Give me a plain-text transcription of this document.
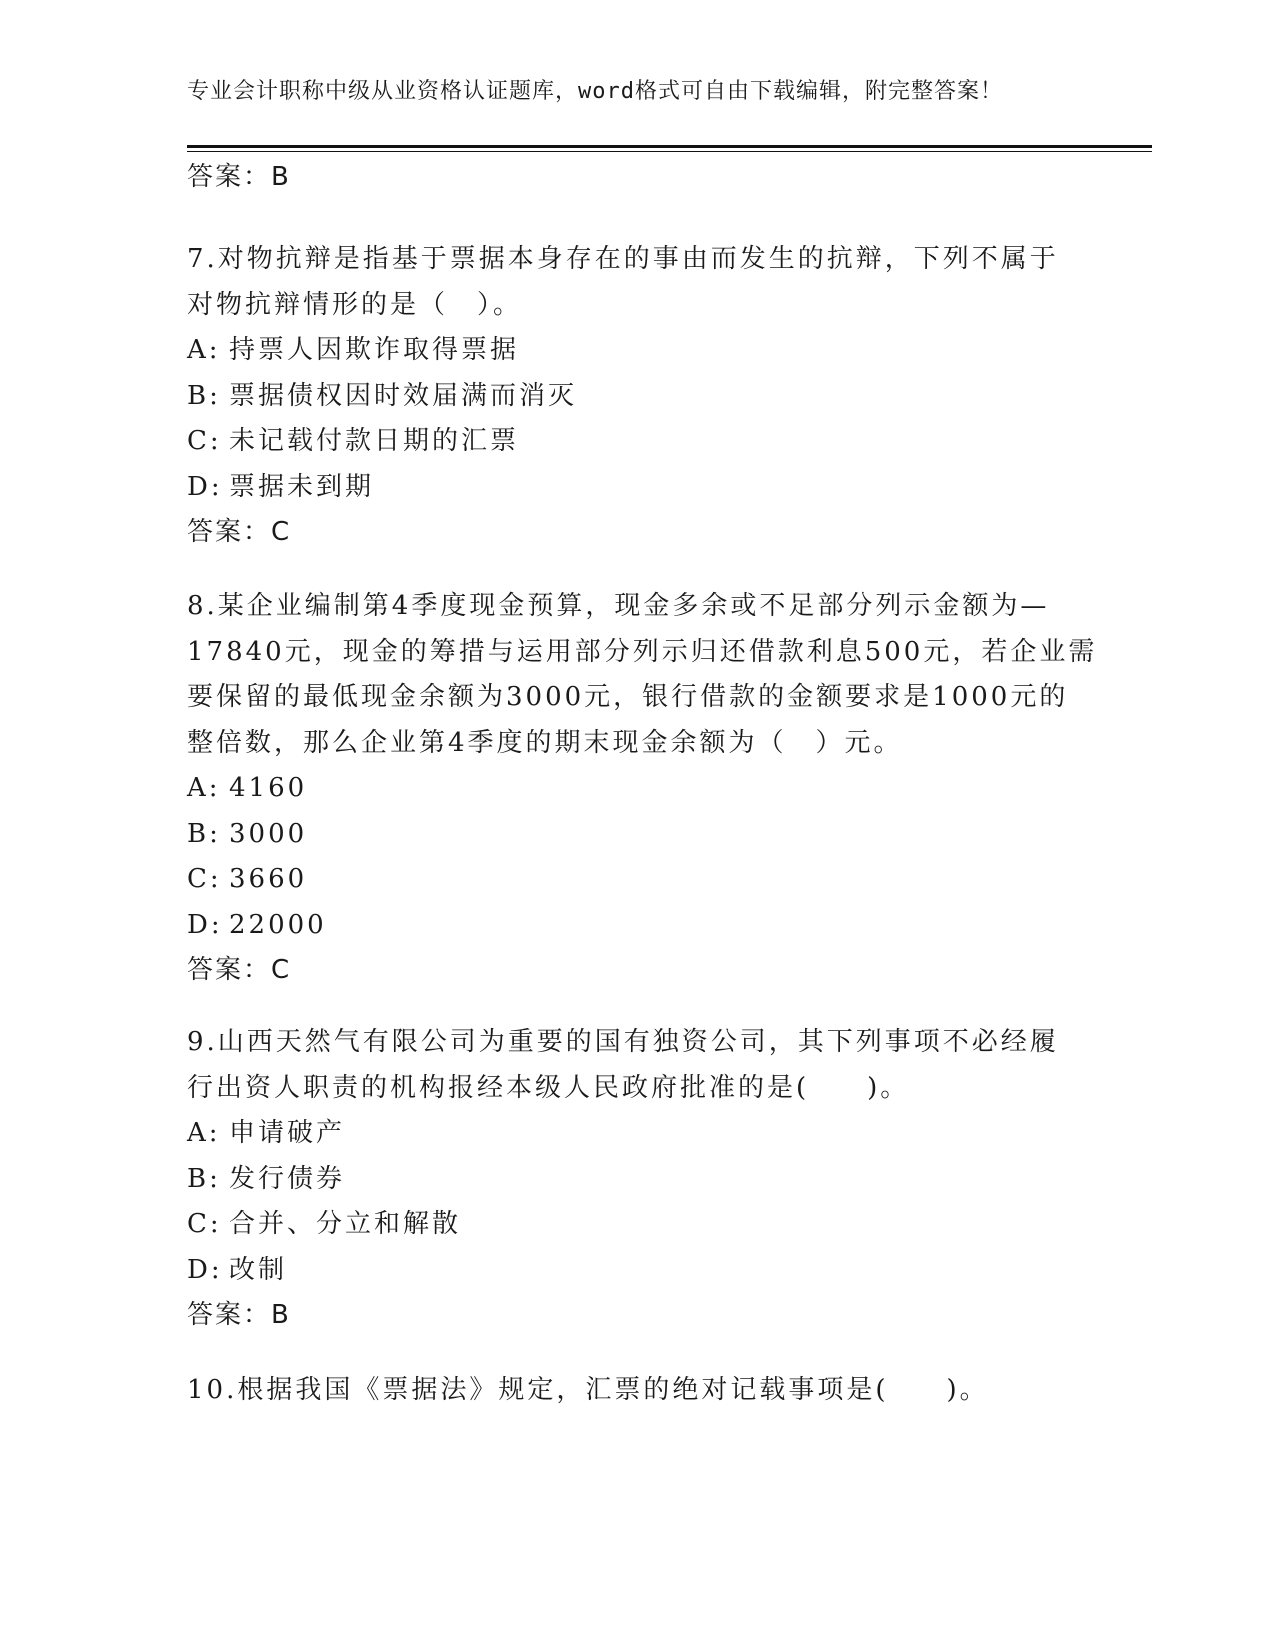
专业会计职称中级从业资格认证题库，word格式可自由下载编辑，附完整答案！
答案：B
7.对物抗辩是指基于票据本身存在的事由而发生的抗辩，下列不属于
对物抗辩情形的是（　）。
A: 持票人因欺诈取得票据
B: 票据债权因时效届满而消灭
C: 未记载付款日期的汇票
D: 票据未到期
答案：C
8.某企业编制第4季度现金预算，现金多余或不足部分列示金额为—
17840元，现金的筹措与运用部分列示归还借款利息500元，若企业需
要保留的最低现金余额为3000元，银行借款的金额要求是1000元的
整倍数，那么企业第4季度的期末现金余额为（　）元。
A: 4160
B: 3000
C: 3660
D: 22000
答案：C
9.山西天然气有限公司为重要的国有独资公司，其下列事项不必经履
行出资人职责的机构报经本级人民政府批准的是(　　)。
A: 申请破产
B: 发行债券
C: 合并、分立和解散
D: 改制
答案：B
10.根据我国《票据法》规定，汇票的绝对记载事项是(　　)。
